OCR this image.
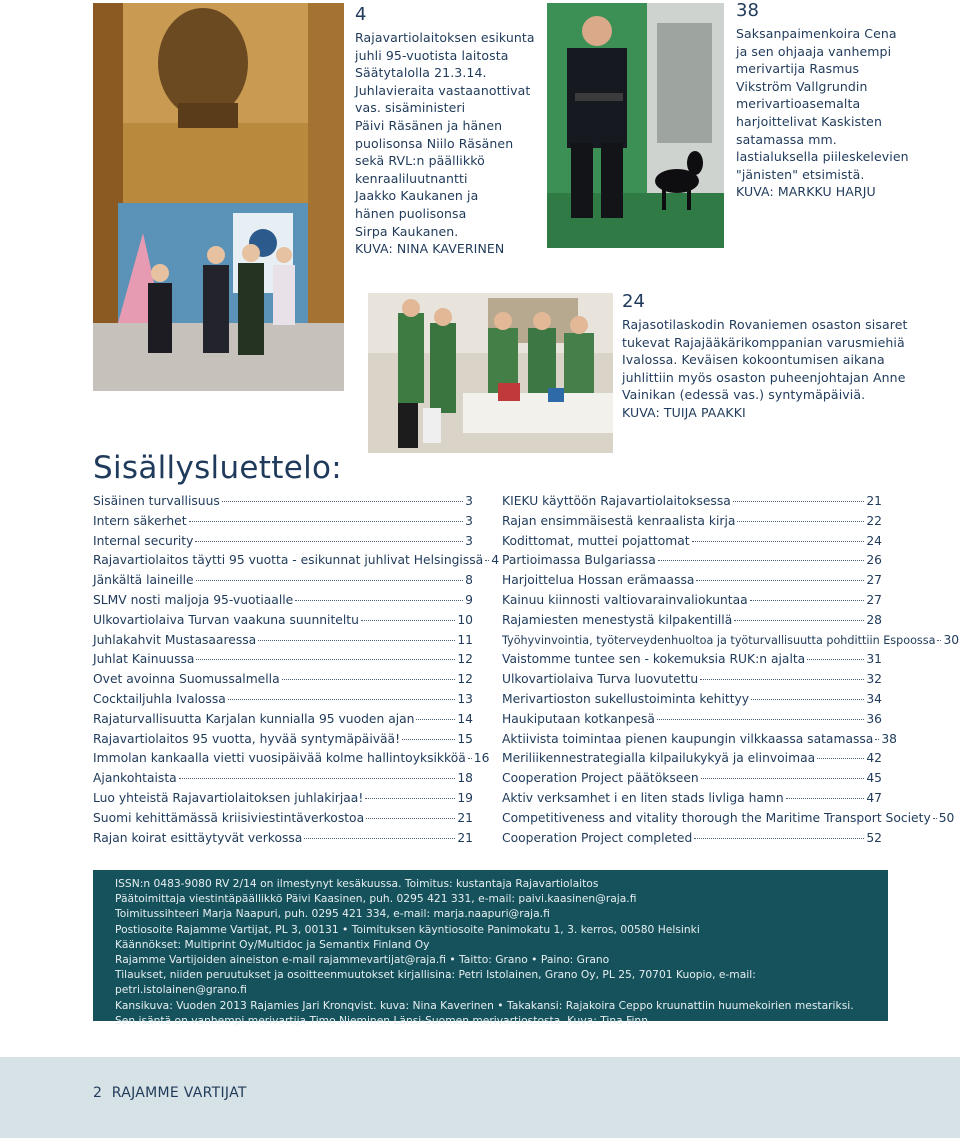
4
Rajavartiolaitoksen esikunta
juhli 95-vuotista laitosta
Säätytalolla 21.3.14.
Juhlavieraita vastaanottivat
vas. sisäministeri
Päivi Räsänen ja hänen
puolisonsa Niilo Räsänen
sekä RVL:n päällikkö
kenraaliluutnantti
Jaakko Kaukanen ja
hänen puolisonsa
Sirpa Kaukanen.
KUVA: NINA KAVERINEN
38
Saksanpaimenkoira Cena
ja sen ohjaaja vanhempi
merivartija Rasmus
Vikström Vallgrundin
merivartioasemalta
harjoittelivat Kaskisten
satamassa mm.
lastialuksella piileskelevien
"jänisten" etsimistä.
KUVA: MARKKU HARJU
24
Rajasotilaskodin Rovaniemen osaston sisaret
tukevat Rajajääkärikomppanian varusmiehiä
Ivalossa. Keväisen kokoontumisen aikana
juhlittiin myös osaston puheenjohtajan Anne
Vainikan (edessä vas.) syntymäpäiviä.
KUVA: TUIJA PAAKKI
Sisällysluettelo:
Sisäinen turvallisuus	3
Intern säkerhet	3
Internal security	3
Rajavartiolaitos täytti 95 vuotta - esikunnat juhlivat Helsingissä 4
Jänkältä laineille	8
SLMV nosti maljoja 95-vuotiaalle	9
Ulkovartiolaiva Turvan vaakuna suunniteltu	10
Juhlakahvit Mustasaaressa	11
Juhlat Kainuussa	12
Ovet avoinna Suomussalmella	12
Cocktailjuhla Ivalossa	13
Rajaturvallisuutta Karjalan kunnialla 95 vuoden ajan	14
Rajavartiolaitos 95 vuotta, hyvää syntymäpäivää!	15
Immolan kankaalla vietti vuosipäivää kolme hallintoyksikköä 16
Ajankohtaista	18
Luo yhteistä Rajavartiolaitoksen juhlakirjaa!	19
Suomi kehittämässä kriisiviestintäverkostoa	21
Rajan koirat esittäytyvät verkossa	21
KIEKU käyttöön Rajavartiolaitoksessa	21
Rajan ensimmäisestä kenraalista kirja	22
Kodittomat, muttei pojattomat	24
Partioimassa Bulgariassa	26
Harjoittelua Hossan erämaassa	27
Kainuu kiinnosti valtiovarainvaliokuntaa	27
Rajamiesten menestystä kilpakentillä	28
Työhyvinvointia, työterveydenhuoltoa ja työturvallisuutta pohdittiin Espoossa 30
Vaistomme tuntee sen - kokemuksia RUK:n ajalta	31
Ulkovartiolaiva Turva luovutettu	32
Merivartioston sukellustoiminta kehittyy	34
Haukiputaan kotkanpesä	36
Aktiivista toimintaa pienen kaupungin vilkkaassa satamassa 38
Meriliikennestrategialla kilpailukykyä ja elinvoimaa	42
Cooperation Project päätökseen	45
Aktiv verksamhet i en liten stads livliga hamn	47
Competitiveness and vitality thorough the Maritime Transport Society 50
Cooperation Project completed	52
ISSN:n 0483-9080 RV 2/14 on ilmestynyt kesäkuussa. Toimitus: kustantaja Rajavartiolaitos
Päätoimittaja viestintäpäällikkö Päivi Kaasinen, puh. 0295 421 331, e-mail: paivi.kaasinen@raja.fi
Toimitussihteeri Marja Naapuri, puh. 0295 421 334, e-mail: marja.naapuri@raja.fi
Postiosoite Rajamme Vartijat, PL 3, 00131 • Toimituksen käyntiosoite Panimokatu 1, 3. kerros, 00580 Helsinki
Käännökset: Multiprint Oy/Multidoc ja Semantix Finland Oy
Rajamme Vartijoiden aineiston e-mail rajammevartijat@raja.fi • Taitto: Grano • Paino: Grano
Tilaukset, niiden peruutukset ja osoitteenmuutokset kirjallisina: Petri Istolainen, Grano Oy, PL 25, 70701 Kuopio, e-mail: petri.istolainen@grano.fi
Kansikuva: Vuoden 2013 Rajamies Jari Kronqvist. kuva: Nina Kaverinen • Takakansi: Rajakoira Ceppo kruunattiin huumekoirien mestariksi.
Sen isäntä on vanhempi merivartija Timo Nieminen Länsi-Suomen merivartiostosta. Kuva: Tina Finn
2 RAJAMME VARTIJAT
